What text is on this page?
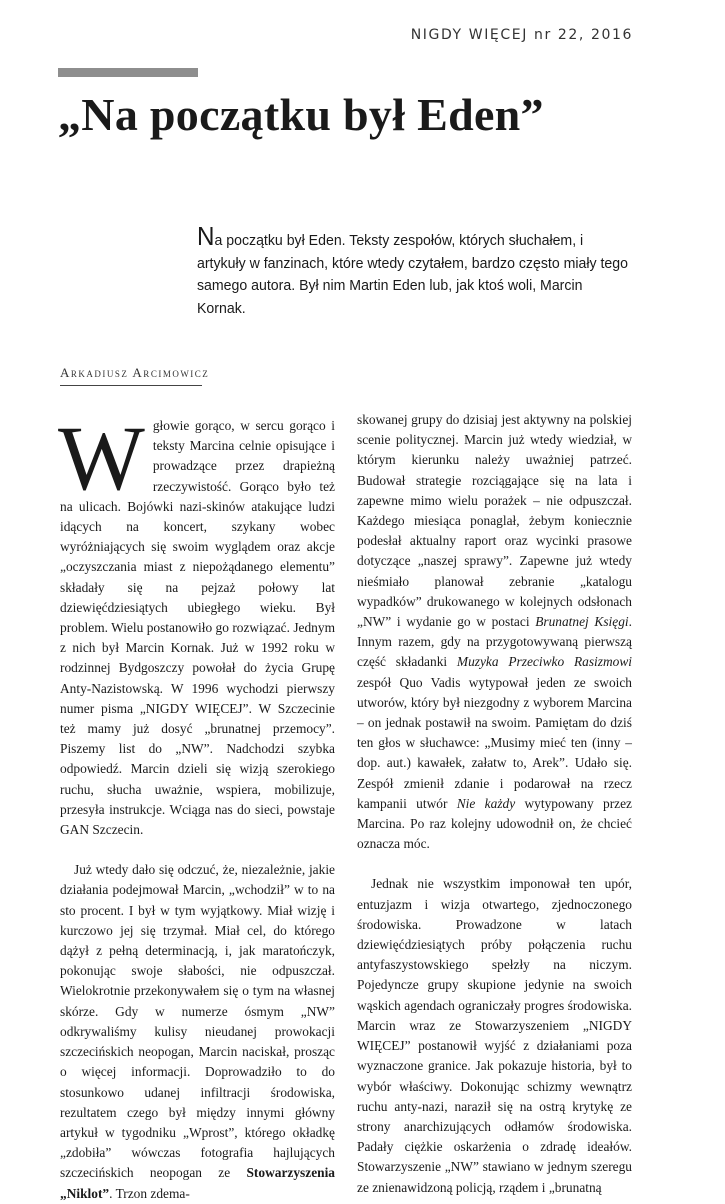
NIGDY WIĘCEJ nr 22, 2016
„Na początku był Eden”

Na początku był Eden. Teksty zespołów, których słuchałem, i artykuły w fanzinach, które wtedy czytałem, bardzo często miały tego samego autora. Był nim Martin Eden lub, jak ktoś woli, Marcin Kornak.

Arkadiusz Arcimowicz

Wgłowie gorąco, w sercu gorąco i teksty Marcina celnie opisujące i prowadzące przez drapieżną rzeczywistość. Gorąco było też na ulicach. Bojówki nazi-skinów atakujące ludzi idących na koncert, szykany wobec wyróżniających się swoim wyglądem oraz akcje „oczyszczania miast z niepożądanego elementu” składały się na pejzaż połowy lat dziewięćdziesiątych ubiegłego wieku. Był problem. Wielu postanowiło go rozwiązać. Jednym z nich był Marcin Kornak. Już w 1992 roku w rodzinnej Bydgoszczy powołał do życia Grupę Anty-Nazistowską. W 1996 wychodzi pierwszy numer pisma „NIGDY WIĘCEJ”. W Szczecinie też mamy już dosyć „brunatnej przemocy”. Piszemy list do „NW”. Nadchodzi szybka odpowiedź. Marcin dzieli się wizją szerokiego ruchu, słucha uważnie, wspiera, mobilizuje, przesyła instrukcje. Wciąga nas do sieci, powstaje GAN Szczecin.

Już wtedy dało się odczuć, że, niezależnie, jakie działania podejmował Marcin, „wchodził” w to na sto procent. I był w tym wyjątkowy. Miał wizję i kurczowo jej się trzymał. Miał cel, do którego dążył z pełną determinacją, i, jak maratończyk, pokonując swoje słabości, nie odpuszczał. Wielokrotnie przekonywałem się o tym na własnej skórze. Gdy w numerze ósmym „NW” odkrywaliśmy kulisy nieudanej prowokacji szczecińskich neopogan, Marcin naciskał, prosząc o więcej informacji. Doprowadziło to do stosunkowo udanej infiltracji środowiska, rezultatem czego był między innymi główny artykuł w tygodniku „Wprost”, którego okładkę „zdobiła” wówczas fotografia hajlujących szczecińskich neopogan ze Stowarzyszenia „Niklot”. Trzon zdema-

skowanej grupy do dzisiaj jest aktywny na polskiej scenie politycznej. Marcin już wtedy wiedział, w którym kierunku należy uważniej patrzeć. Budował strategie rozciągające się na lata i zapewne mimo wielu porażek – nie odpuszczał. Każdego miesiąca ponaglał, żebym koniecznie podesłał aktualny raport oraz wycinki prasowe dotyczące „naszej sprawy”. Zapewne już wtedy nieśmiało planował zebranie „katalogu wypadków” drukowanego w kolejnych odsłonach „NW” i wydanie go w postaci Brunatnej Księgi. Innym razem, gdy na przygotowywaną pierwszą część składanki Muzyka Przeciwko Rasizmowi zespół Quo Vadis wytypował jeden ze swoich utworów, który był niezgodny z wyborem Marcina – on jednak postawił na swoim. Pamiętam do dziś ten głos w słuchawce: „Musimy mieć ten (inny – dop. aut.) kawałek, załatw to, Arek”. Udało się. Zespół zmienił zdanie i podarował na rzecz kampanii utwór Nie każdy wytypowany przez Marcina. Po raz kolejny udowodnił on, że chcieć oznacza móc.

Jednak nie wszystkim imponował ten upór, entuzjazm i wizja otwartego, zjednoczonego środowiska. Prowadzone w latach dziewięćdziesiątych próby połączenia ruchu antyfaszystowskiego spełzły na niczym. Pojedyncze grupy skupione jedynie na swoich wąskich agendach ograniczały progres środowiska. Marcin wraz ze Stowarzyszeniem „NIGDY WIĘCEJ” postanowił wyjść z działaniami poza wyznaczone granice. Jak pokazuje historia, był to wybór właściwy. Dokonując schizmy wewnątrz ruchu anty-nazi, naraził się na ostrą krytykę ze strony anarchizujących odłamów środowiska. Padały ciężkie oskarżenia o zdradę ideałów. Stowarzyszenie „NW” stawiano w jednym szeregu ze znienawidzoną policją, rządem i „brunatną
